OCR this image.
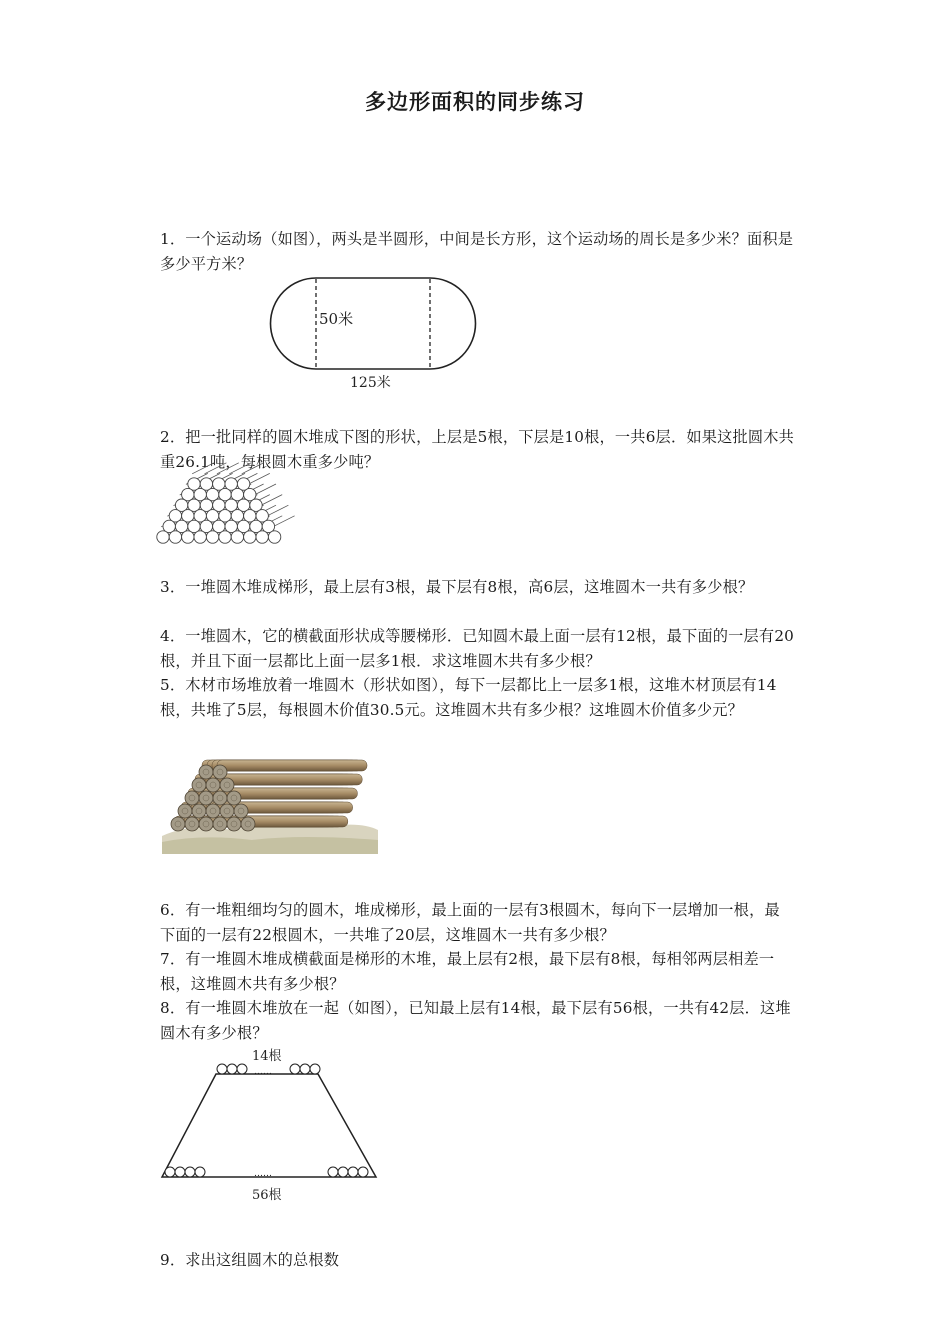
多边形面积的同步练习

1．一个运动场（如图），两头是半圆形，中间是长方形，这个运动场的周长是多少米？面积是多少平方米？

50米
125米

2．把一批同样的圆木堆成下图的形状，上层是5根，下层是10根，一共6层．如果这批圆木共重26.1吨，每根圆木重多少吨？

3．一堆圆木堆成梯形，最上层有3根，最下层有8根，高6层，这堆圆木一共有多少根？

4．一堆圆木，它的横截面形状成等腰梯形．已知圆木最上面一层有12根，最下面的一层有20根，并且下面一层都比上面一层多1根．求这堆圆木共有多少根？

5．木材市场堆放着一堆圆木（形状如图），每下一层都比上一层多1根，这堆木材顶层有14根，共堆了5层，每根圆木价值30.5元。这堆圆木共有多少根？这堆圆木价值多少元？

6．有一堆粗细均匀的圆木，堆成梯形，最上面的一层有3根圆木，每向下一层增加一根，最下面的一层有22根圆木，一共堆了20层，这堆圆木一共有多少根？

7．有一堆圆木堆成横截面是梯形的木堆，最上层有2根，最下层有8根，每相邻两层相差一根，这堆圆木共有多少根？

8．有一堆圆木堆放在一起（如图），已知最上层有14根，最下层有56根，一共有42层．这堆圆木有多少根？

14根
……
……
56根

9．求出这组圆木的总根数
